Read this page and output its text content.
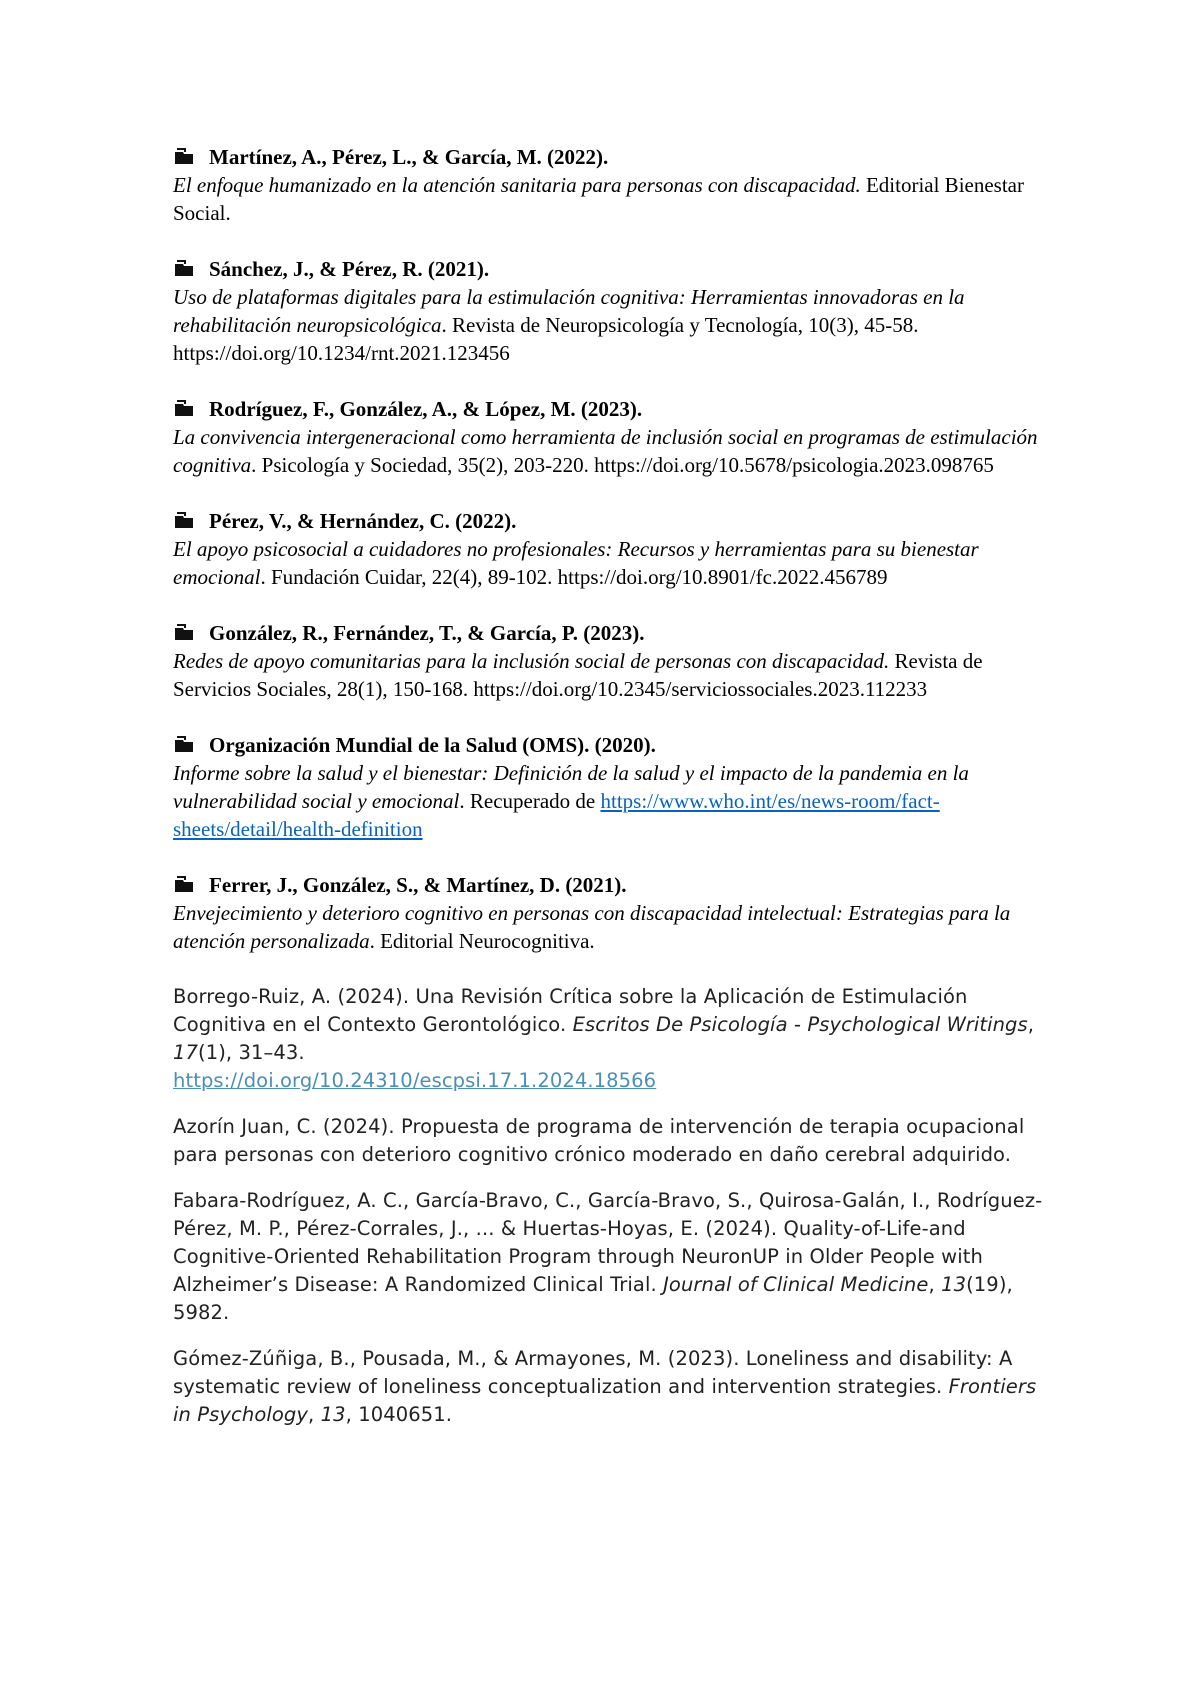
Martínez, A., Pérez, L., & García, M. (2022).
El enfoque humanizado en la atención sanitaria para personas con discapacidad. Editorial Bienestar Social.
Sánchez, J., & Pérez, R. (2021).
Uso de plataformas digitales para la estimulación cognitiva: Herramientas innovadoras en la rehabilitación neuropsicológica. Revista de Neuropsicología y Tecnología, 10(3), 45-58. https://doi.org/10.1234/rnt.2021.123456
Rodríguez, F., González, A., & López, M. (2023).
La convivencia intergeneracional como herramienta de inclusión social en programas de estimulación cognitiva. Psicología y Sociedad, 35(2), 203-220. https://doi.org/10.5678/psicologia.2023.098765
Pérez, V., & Hernández, C. (2022).
El apoyo psicosocial a cuidadores no profesionales: Recursos y herramientas para su bienestar emocional. Fundación Cuidar, 22(4), 89-102. https://doi.org/10.8901/fc.2022.456789
González, R., Fernández, T., & García, P. (2023).
Redes de apoyo comunitarias para la inclusión social de personas con discapacidad. Revista de Servicios Sociales, 28(1), 150-168. https://doi.org/10.2345/serviciossociales.2023.112233
Organización Mundial de la Salud (OMS). (2020).
Informe sobre la salud y el bienestar: Definición de la salud y el impacto de la pandemia en la vulnerabilidad social y emocional. Recuperado de https://www.who.int/es/news-room/fact-sheets/detail/health-definition
Ferrer, J., González, S., & Martínez, D. (2021).
Envejecimiento y deterioro cognitivo en personas con discapacidad intelectual: Estrategias para la atención personalizada. Editorial Neurocognitiva.
Borrego-Ruiz, A. (2024). Una Revisión Crítica sobre la Aplicación de Estimulación Cognitiva en el Contexto Gerontológico. Escritos De Psicología - Psychological Writings, 17(1), 31–43.
https://doi.org/10.24310/escpsi.17.1.2024.18566
Azorín Juan, C. (2024). Propuesta de programa de intervención de terapia ocupacional para personas con deterioro cognitivo crónico moderado en daño cerebral adquirido.
Fabara-Rodríguez, A. C., García-Bravo, C., García-Bravo, S., Quirosa-Galán, I., Rodríguez-Pérez, M. P., Pérez-Corrales, J., ... & Huertas-Hoyas, E. (2024). Quality-of-Life-and Cognitive-Oriented Rehabilitation Program through NeuronUP in Older People with Alzheimer’s Disease: A Randomized Clinical Trial. Journal of Clinical Medicine, 13(19), 5982.
Gómez-Zúñiga, B., Pousada, M., & Armayones, M. (2023). Loneliness and disability: A systematic review of loneliness conceptualization and intervention strategies. Frontiers in Psychology, 13, 1040651.
